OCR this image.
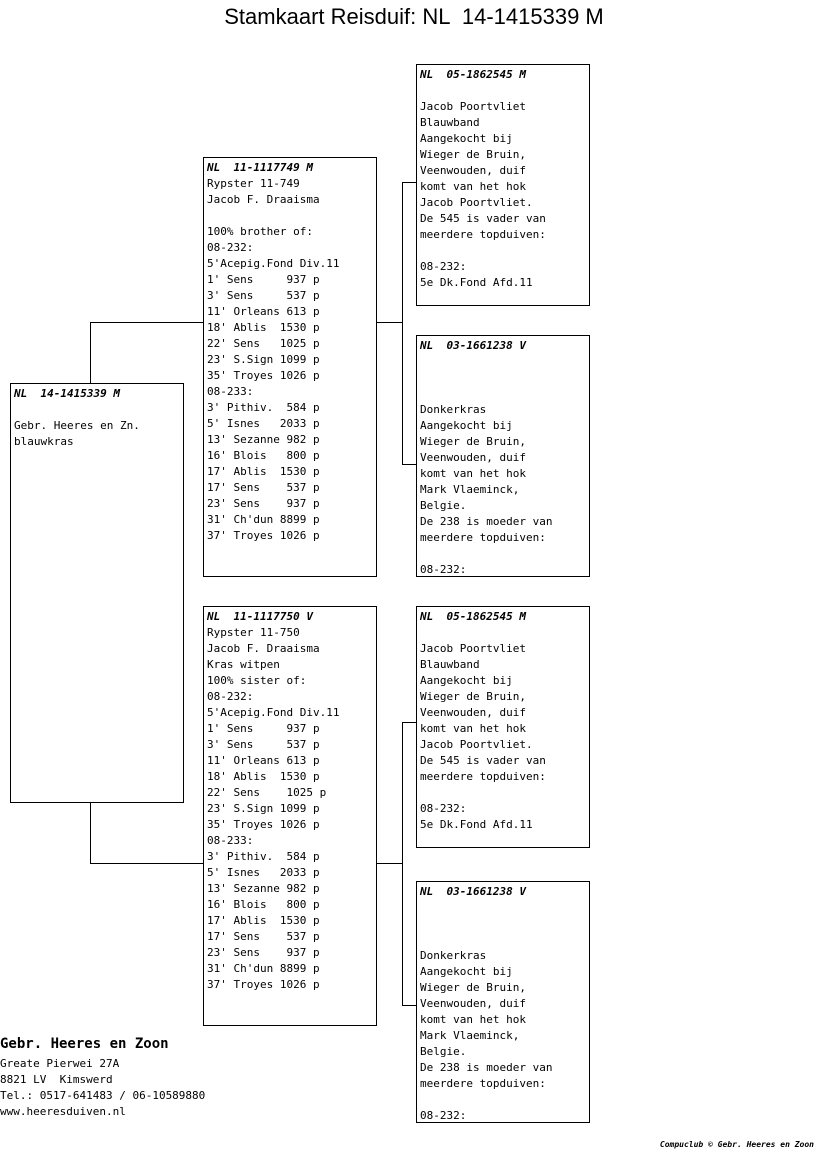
Stamkaart Reisduif: NL  14-1415339 M
NL  14-1415339 M
Gebr. Heeres en Zn.
blauwkras
NL  11-1117749 M
Rypster 11-749
Jacob F. Draaisma
100% brother of:
08-232:
5'Acepig.Fond Div.11
1' Sens     937 p
3' Sens     537 p
11' Orleans 613 p
18' Ablis  1530 p
22' Sens   1025 p
23' S.Sign 1099 p
35' Troyes 1026 p
08-233:
3' Pithiv.  584 p
5' Isnes   2033 p
13' Sezanne 982 p
16' Blois   800 p
17' Ablis  1530 p
17' Sens    537 p
23' Sens    937 p
31' Ch'dun 8899 p
37' Troyes 1026 p
NL  11-1117750 V
Rypster 11-750
Jacob F. Draaisma
Kras witpen
100% sister of:
08-232:
5'Acepig.Fond Div.11
1' Sens     937 p
3' Sens     537 p
11' Orleans 613 p
18' Ablis  1530 p
22' Sens    1025 p
23' S.Sign 1099 p
35' Troyes 1026 p
08-233:
3' Pithiv.  584 p
5' Isnes   2033 p
13' Sezanne 982 p
16' Blois   800 p
17' Ablis  1530 p
17' Sens    537 p
23' Sens    937 p
31' Ch'dun 8899 p
37' Troyes 1026 p
NL  05-1862545 M
Jacob Poortvliet
Blauwband
Aangekocht bij
Wieger de Bruin,
Veenwouden, duif
komt van het hok
Jacob Poortvliet.
De 545 is vader van
meerdere topduiven:
08-232:
5e Dk.Fond Afd.11
NL  03-1661238 V
Donkerkras
Aangekocht bij
Wieger de Bruin,
Veenwouden, duif
komt van het hok
Mark Vlaeminck,
Belgie.
De 238 is moeder van
meerdere topduiven:
08-232:
NL  05-1862545 M
Jacob Poortvliet
Blauwband
Aangekocht bij
Wieger de Bruin,
Veenwouden, duif
komt van het hok
Jacob Poortvliet.
De 545 is vader van
meerdere topduiven:
08-232:
5e Dk.Fond Afd.11
NL  03-1661238 V
Donkerkras
Aangekocht bij
Wieger de Bruin,
Veenwouden, duif
komt van het hok
Mark Vlaeminck,
Belgie.
De 238 is moeder van
meerdere topduiven:
08-232:
Gebr. Heeres en Zoon
Greate Pierwei 27A
8821 LV  Kimswerd
Tel.: 0517-641483 / 06-10589880
www.heeresduiven.nl
Compuclub © Gebr. Heeres en Zoon
